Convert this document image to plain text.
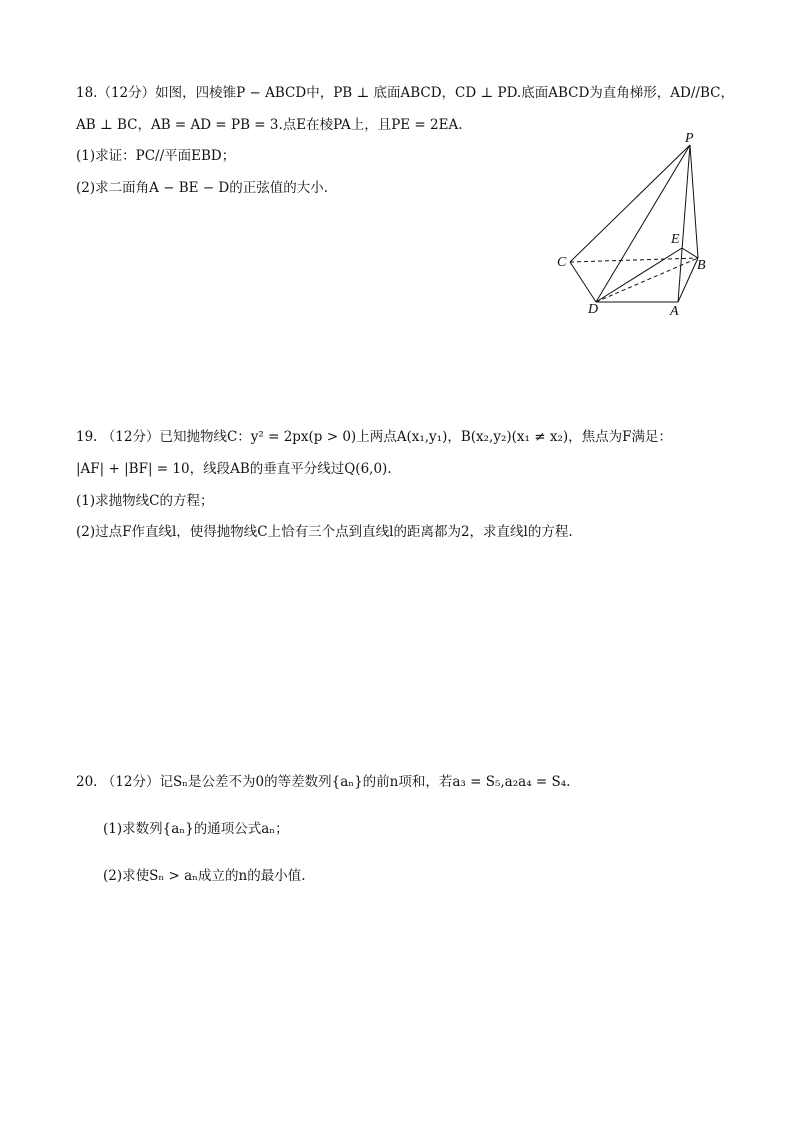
18.（12分）如图，四棱锥P − ABCD中，PB ⊥ 底面ABCD，CD ⊥ PD.底面ABCD为直角梯形，AD//BC，
AB ⊥ BC，AB = AD = PB = 3.点E在棱PA上，且PE = 2EA.
(1)求证：PC//平面EBD；
(2)求二面角A − BE − D的正弦值的大小.
P
E
C	B
D	A
19. （12分）已知抛物线C：y² = 2px(p > 0)上两点A(x₁,y₁)，B(x₂,y₂)(x₁ ≠ x₂)，焦点为F满足：
|AF| + |BF| = 10，线段AB的垂直平分线过Q(6,0).
(1)求抛物线C的方程；
(2)过点F作直线l，使得抛物线C上恰有三个点到直线l的距离都为2，求直线l的方程.
20. （12分）记Sₙ是公差不为0的等差数列{aₙ}的前n项和，若a₃ = S₅,a₂a₄ = S₄.
(1)求数列{aₙ}的通项公式aₙ；
(2)求使Sₙ > aₙ成立的n的最小值.
